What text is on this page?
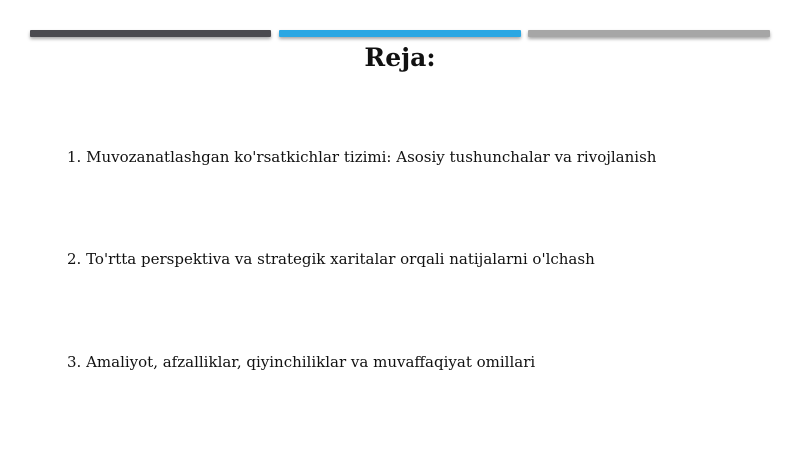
Reja:
1. Muvozanatlashgan ko'rsatkichlar tizimi: Asosiy tushunchalar va rivojlanish
2. To'rtta perspektiva va strategik xaritalar orqali natijalarni o'lchash
3. Amaliyot, afzalliklar, qiyinchiliklar va muvaffaqiyat omillari
